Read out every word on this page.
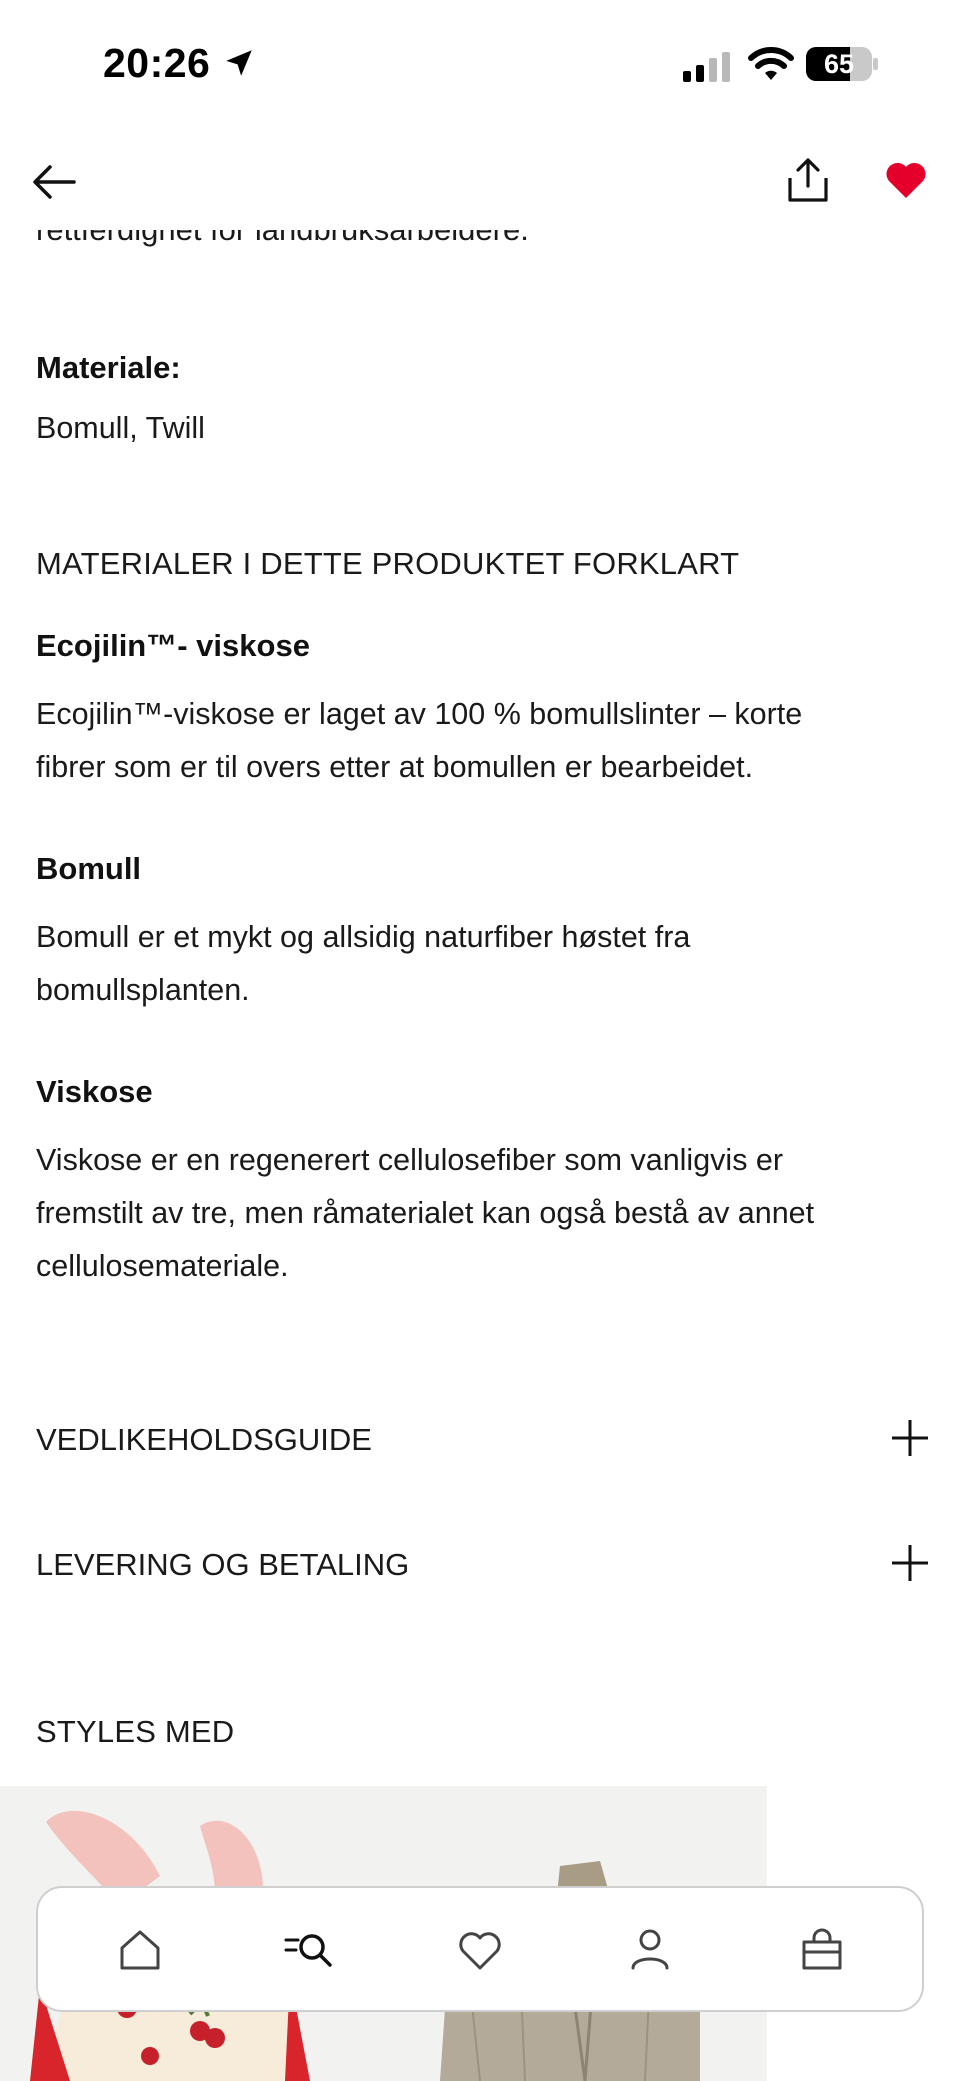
20:26	65
Materiale:
Bomull, Twill
MATERIALER I DETTE PRODUKTET FORKLART
Ecojilin™- viskose
Ecojilin™-viskose er laget av 100 % bomullslinter – korte
fibrer som er til overs etter at bomullen er bearbeidet.
Bomull
Bomull er et mykt og allsidig naturfiber høstet fra
bomullsplanten.
Viskose
Viskose er en regenerert cellulosefiber som vanligvis er
fremstilt av tre, men råmaterialet kan også bestå av annet
cellulosemateriale.
VEDLIKEHOLDSGUIDE
LEVERING OG BETALING
STYLES MED
